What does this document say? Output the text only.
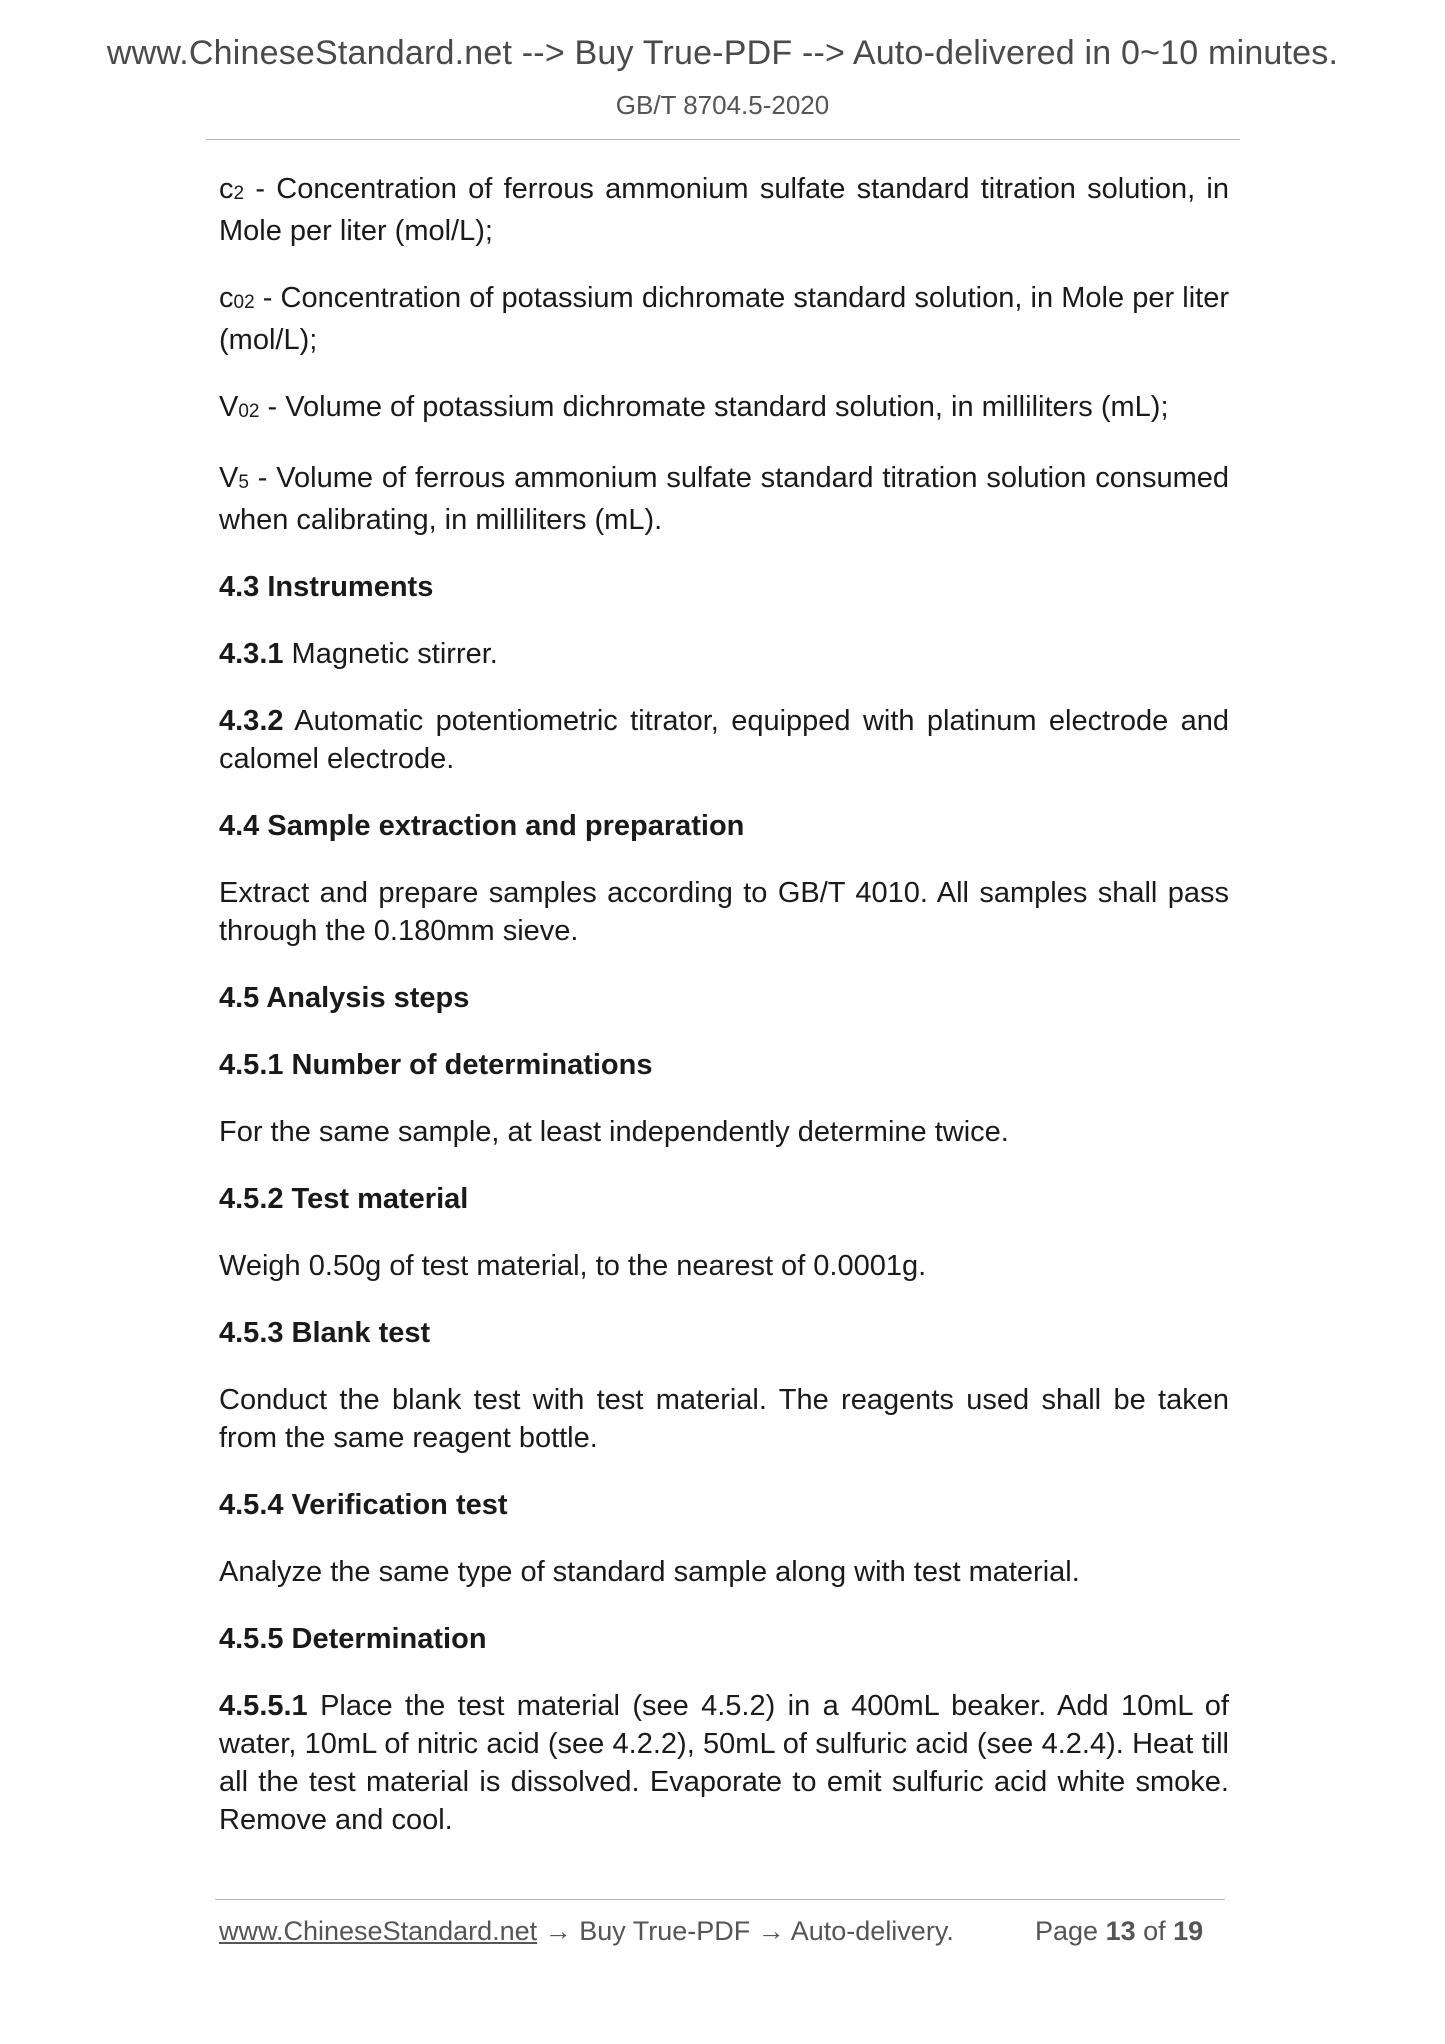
www.ChineseStandard.net --> Buy True-PDF --> Auto-delivered in 0~10 minutes.
GB/T 8704.5-2020

$c_2$ - Concentration of ferrous ammonium sulfate standard titration solution, in Mole per liter (mol/L);

$c_{02}$ - Concentration of potassium dichromate standard solution, in Mole per liter (mol/L);

$V_{02}$ - Volume of potassium dichromate standard solution, in milliliters (mL);

$V_5$ - Volume of ferrous ammonium sulfate standard titration solution consumed when calibrating, in milliliters (mL).

4.3 Instruments

4.3.1 Magnetic stirrer.

4.3.2 Automatic potentiometric titrator, equipped with platinum electrode and calomel electrode.

4.4 Sample extraction and preparation

Extract and prepare samples according to GB/T 4010. All samples shall pass through the 0.180mm sieve.

4.5 Analysis steps

4.5.1 Number of determinations

For the same sample, at least independently determine twice.

4.5.2 Test material

Weigh 0.50g of test material, to the nearest of 0.0001g.

4.5.3 Blank test

Conduct the blank test with test material. The reagents used shall be taken from the same reagent bottle.

4.5.4 Verification test

Analyze the same type of standard sample along with test material.

4.5.5 Determination

4.5.5.1 Place the test material (see 4.5.2) in a 400mL beaker. Add 10mL of water, 10mL of nitric acid (see 4.2.2), 50mL of sulfuric acid (see 4.2.4). Heat till all the test material is dissolved. Evaporate to emit sulfuric acid white smoke. Remove and cool.

www.ChineseStandard.net → Buy True-PDF → Auto-delivery.	Page 13 of 19
